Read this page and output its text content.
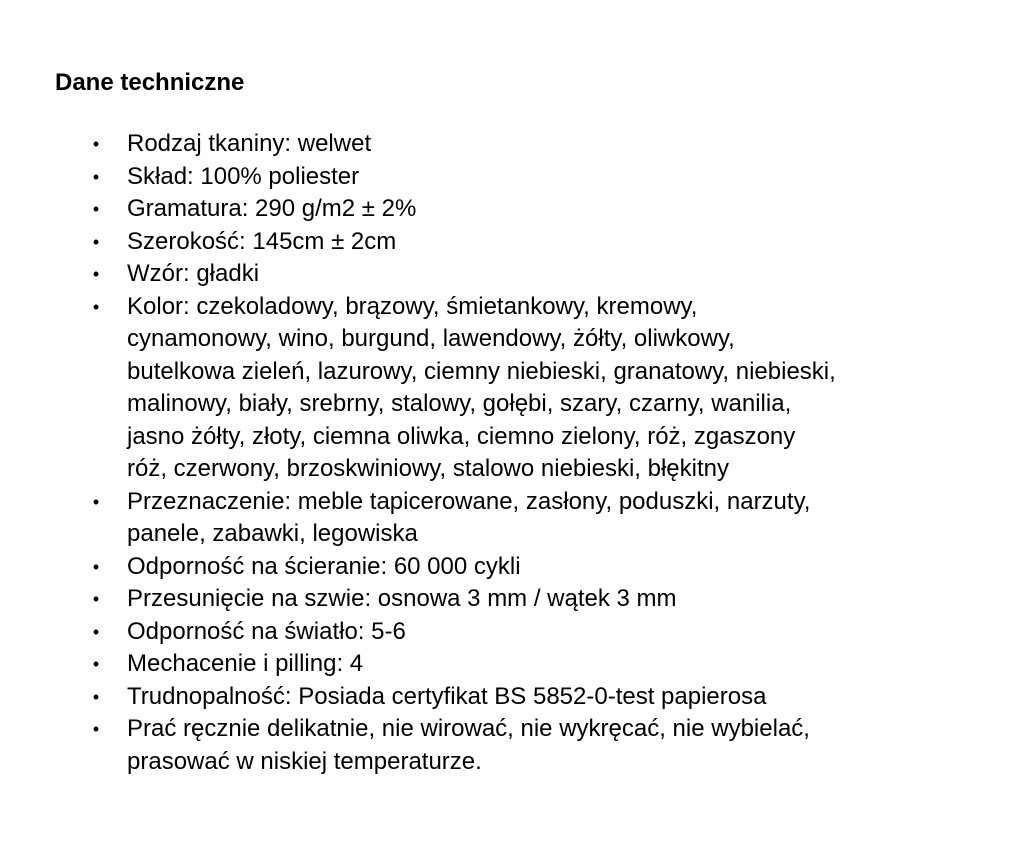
Dane techniczne
• Rodzaj tkaniny: welwet
• Skład: 100% poliester
• Gramatura: 290 g/m2 ± 2%
• Szerokość: 145cm ± 2cm
• Wzór: gładki
• Kolor: czekoladowy, brązowy, śmietankowy, kremowy,
cynamonowy, wino, burgund, lawendowy, żółty, oliwkowy,
butelkowa zieleń, lazurowy, ciemny niebieski, granatowy, niebieski,
malinowy, biały, srebrny, stalowy, gołębi, szary, czarny, wanilia,
jasno żółty, złoty, ciemna oliwka, ciemno zielony, róż, zgaszony
róż, czerwony, brzoskwiniowy, stalowo niebieski, błękitny
• Przeznaczenie: meble tapicerowane, zasłony, poduszki, narzuty,
panele, zabawki, legowiska
• Odporność na ścieranie: 60 000 cykli
• Przesunięcie na szwie: osnowa 3 mm / wątek 3 mm
• Odporność na światło: 5-6
• Mechacenie i pilling: 4
• Trudnopalność: Posiada certyfikat BS 5852-0-test papierosa
• Prać ręcznie delikatnie, nie wirować, nie wykręcać, nie wybielać,
prasować w niskiej temperaturze.
